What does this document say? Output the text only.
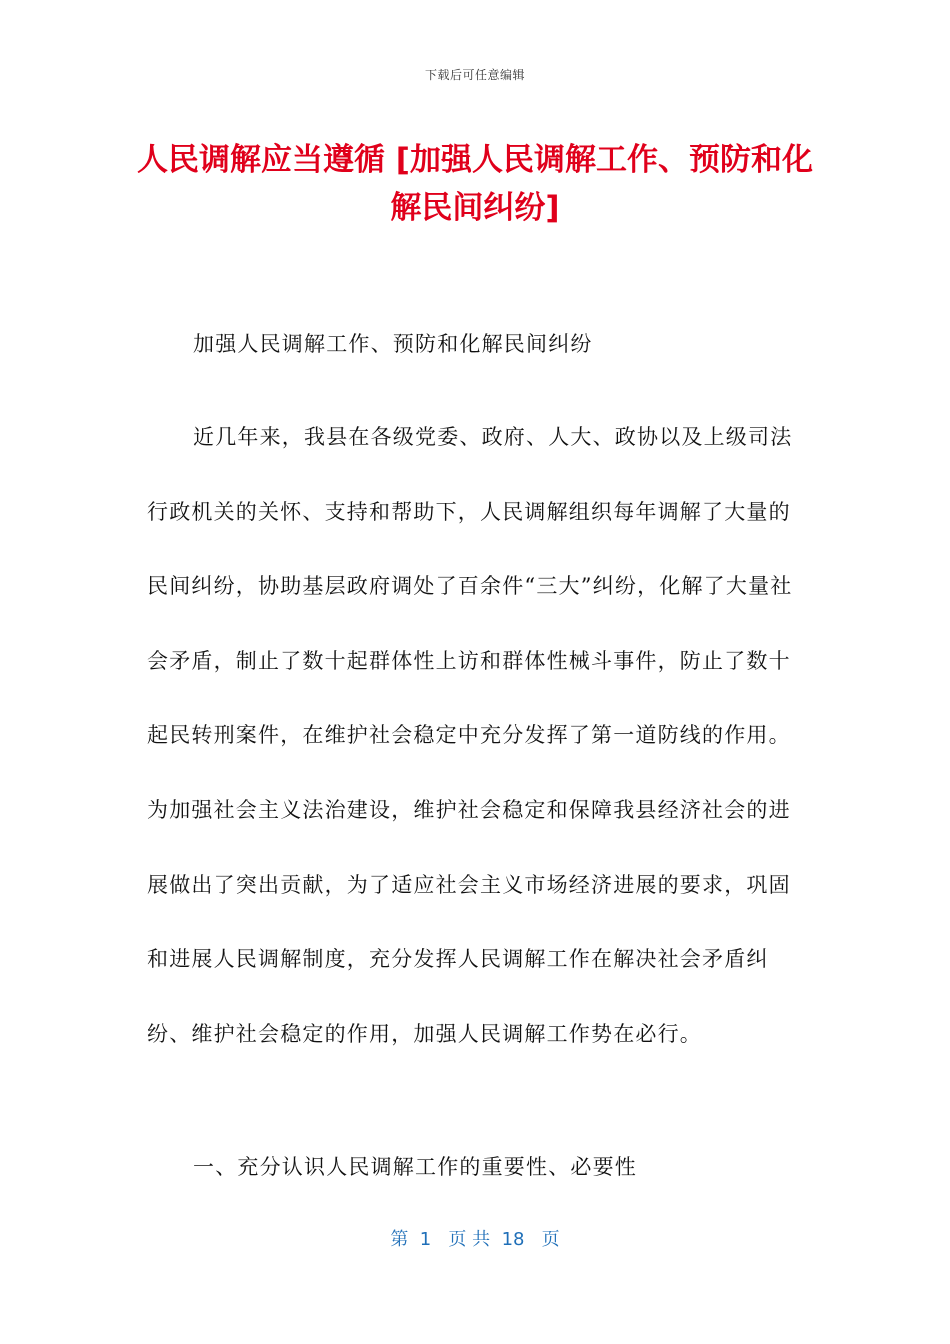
下载后可任意编辑
人民调解应当遵循 [加强人民调解工作、预防和化解民间纠纷]
加强人民调解工作、预防和化解民间纠纷
近几年来，我县在各级党委、政府、人大、政协以及上级司法行政机关的关怀、支持和帮助下，人民调解组织每年调解了大量的民间纠纷，协助基层政府调处了百余件“三大”纠纷，化解了大量社会矛盾，制止了数十起群体性上访和群体性械斗事件，防止了数十起民转刑案件，在维护社会稳定中充分发挥了第一道防线的作用。为加强社会主义法治建设，维护社会稳定和保障我县经济社会的进展做出了突出贡献，为了适应社会主义市场经济进展的要求，巩固和进展人民调解制度，充分发挥人民调解工作在解决社会矛盾纠纷、维护社会稳定的作用，加强人民调解工作势在必行。
一、充分认识人民调解工作的重要性、必要性
第  1   页 共  18   页
